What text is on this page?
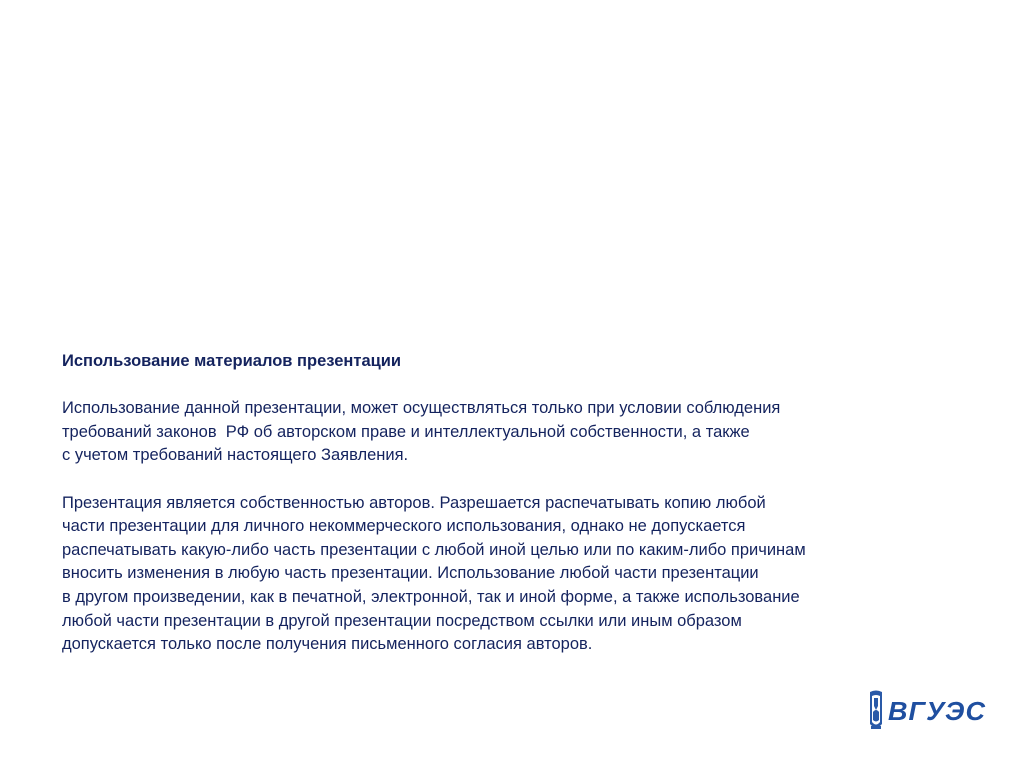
Использование материалов презентации

Использование данной презентации, может осуществляться только при условии соблюдения
требований законов  РФ об авторском праве и интеллектуальной собственности, а также
с учетом требований настоящего Заявления.

Презентация является собственностью авторов. Разрешается распечатывать копию любой
части презентации для личного некоммерческого использования, однако не допускается
распечатывать какую-либо часть презентации с любой иной целью или по каким-либо причинам
вносить изменения в любую часть презентации. Использование любой части презентации
в другом произведении, как в печатной, электронной, так и иной форме, а также использование
любой части презентации в другой презентации посредством ссылки или иным образом
допускается только после получения письменного согласия авторов.

ВГУЭС
